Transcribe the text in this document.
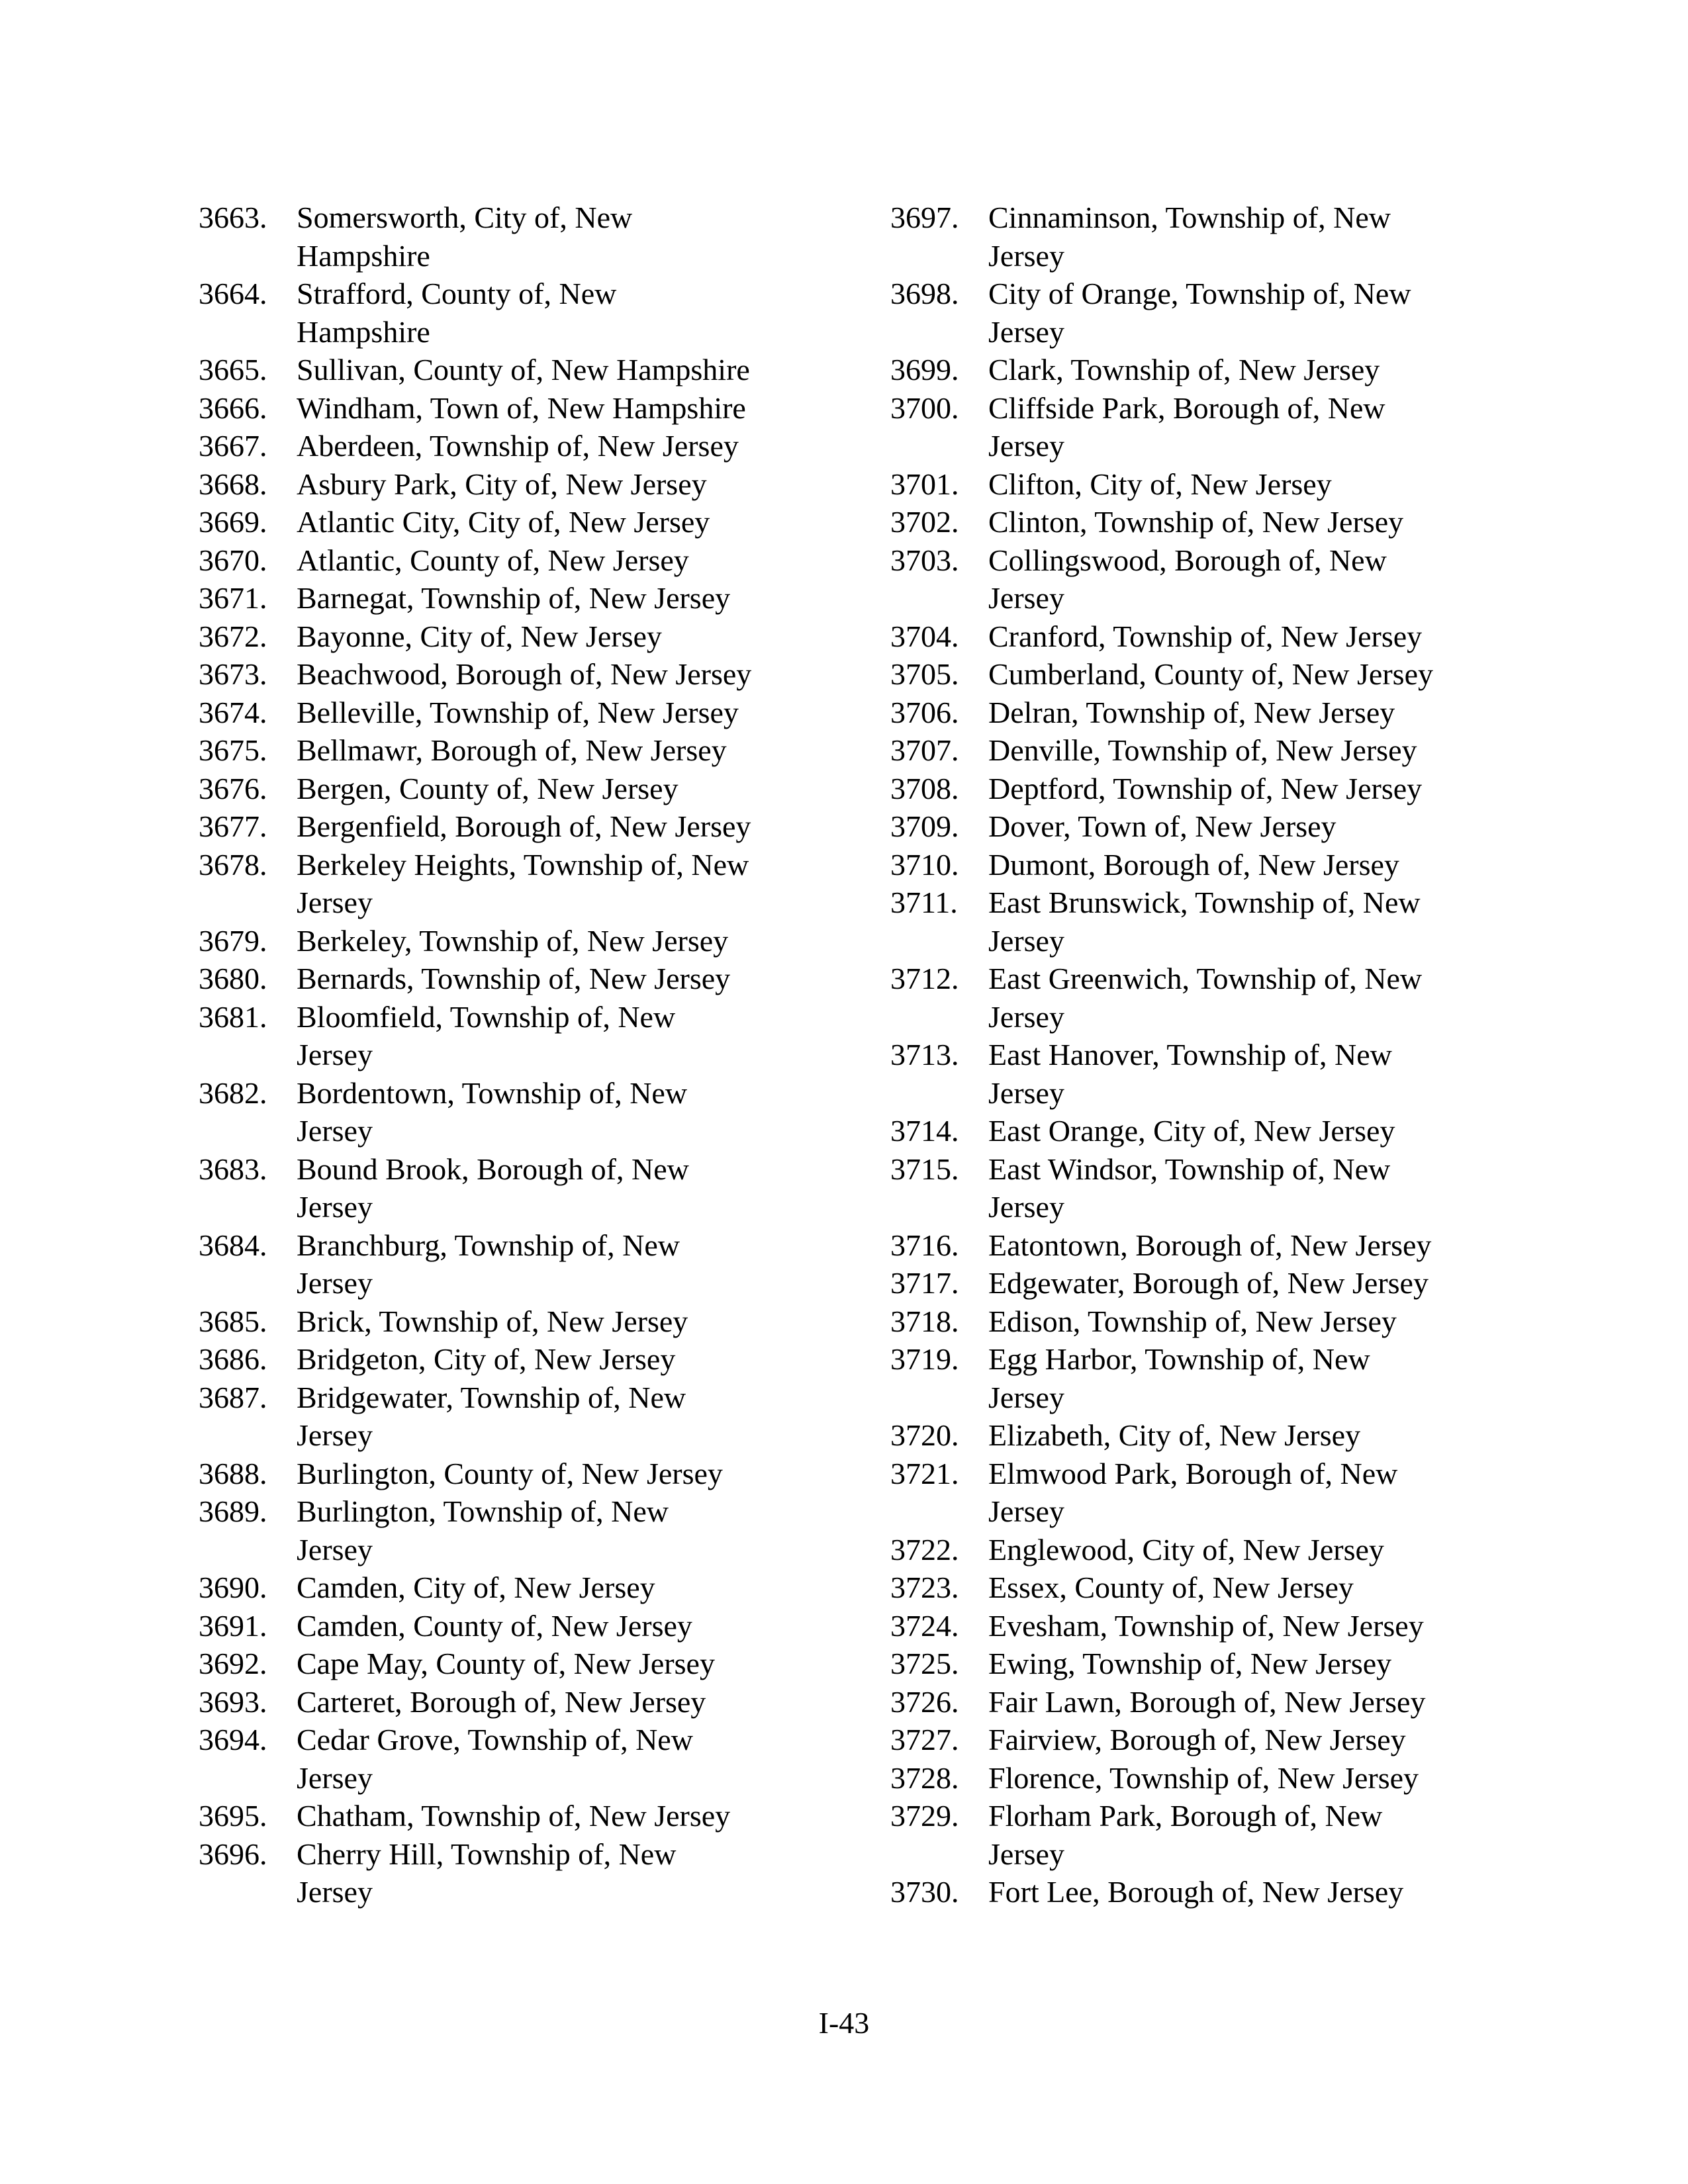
3663. Somersworth, City of, New
Hampshire
3664. Strafford, County of, New
Hampshire
3665. Sullivan, County of, New Hampshire
3666. Windham, Town of, New Hampshire
3667. Aberdeen, Township of, New Jersey
3668. Asbury Park, City of, New Jersey
3669. Atlantic City, City of, New Jersey
3670. Atlantic, County of, New Jersey
3671. Barnegat, Township of, New Jersey
3672. Bayonne, City of, New Jersey
3673. Beachwood, Borough of, New Jersey
3674. Belleville, Township of, New Jersey
3675. Bellmawr, Borough of, New Jersey
3676. Bergen, County of, New Jersey
3677. Bergenfield, Borough of, New Jersey
3678. Berkeley Heights, Township of, New
Jersey
3679. Berkeley, Township of, New Jersey
3680. Bernards, Township of, New Jersey
3681. Bloomfield, Township of, New
Jersey
3682. Bordentown, Township of, New
Jersey
3683. Bound Brook, Borough of, New
Jersey
3684. Branchburg, Township of, New
Jersey
3685. Brick, Township of, New Jersey
3686. Bridgeton, City of, New Jersey
3687. Bridgewater, Township of, New
Jersey
3688. Burlington, County of, New Jersey
3689. Burlington, Township of, New
Jersey
3690. Camden, City of, New Jersey
3691. Camden, County of, New Jersey
3692. Cape May, County of, New Jersey
3693. Carteret, Borough of, New Jersey
3694. Cedar Grove, Township of, New
Jersey
3695. Chatham, Township of, New Jersey
3696. Cherry Hill, Township of, New
Jersey
3697. Cinnaminson, Township of, New
Jersey
3698. City of Orange, Township of, New
Jersey
3699. Clark, Township of, New Jersey
3700. Cliffside Park, Borough of, New
Jersey
3701. Clifton, City of, New Jersey
3702. Clinton, Township of, New Jersey
3703. Collingswood, Borough of, New
Jersey
3704. Cranford, Township of, New Jersey
3705. Cumberland, County of, New Jersey
3706. Delran, Township of, New Jersey
3707. Denville, Township of, New Jersey
3708. Deptford, Township of, New Jersey
3709. Dover, Town of, New Jersey
3710. Dumont, Borough of, New Jersey
3711.	East Brunswick, Township of, New
Jersey
3712. East Greenwich, Township of, New
Jersey
3713. East Hanover, Township of, New
Jersey
3714. East Orange, City of, New Jersey
3715. East Windsor, Township of, New
Jersey
3716. Eatontown, Borough of, New Jersey
3717. Edgewater, Borough of, New Jersey
3718. Edison, Township of, New Jersey
3719. Egg Harbor, Township of, New
Jersey
3720. Elizabeth, City of, New Jersey
3721. Elmwood Park, Borough of, New
Jersey
3722. Englewood, City of, New Jersey
3723. Essex, County of, New Jersey
3724. Evesham, Township of, New Jersey
3725. Ewing, Township of, New Jersey
3726. Fair Lawn, Borough of, New Jersey
3727. Fairview, Borough of, New Jersey
3728. Florence, Township of, New Jersey
3729. Florham Park, Borough of, New
Jersey
3730. Fort Lee, Borough of, New Jersey
I-43
